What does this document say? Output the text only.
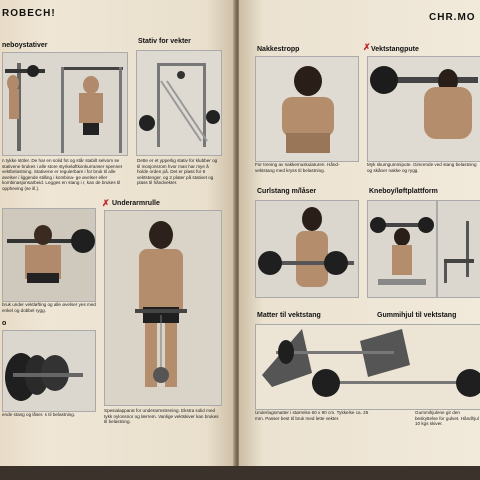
ROBECH!
neboystativer
n tykke stöler. De har en solid fot og står stabilt selvom se stativene brukes i alle store styrkeløftkonkurranser spennet vektbelastning. Stativene er regulerbare i for bruk til alle øvelser i liggende stilling i kombina- ge øvelser eller kombinasjonsarbeid. Legges en stang i r, kan de brukes til oppheving (se ill.).
Stativ for vekter
Dette er et ypperlig stativ for klubber og til mosjonsrom hvor man har mye å holde orden på. Det er plass for 8 vektstenger, og 2 plater på stativet og plass til håndvekter.
✗ Underarmrulle
bruk under vektløfting og alle øvelser yes med enkel og dobbel rygg.
Spesialapparat for underarmstrening. Ekstra solid med tykk nylonsnor og lærrem. Vanlige vektskiver kan brukes til belastning.
o
ende stang og låser. s til belastning.
CHR.MO
Nakkestropp
For trening av nakkemuskulaturen. Hånd- vektstang med kryss til belastning.
✗ Vektstangpute
Myk skumgummipute. Gimrende ved stang belastning og skåner nakke og rygg.
Curlstang m/låser	Kneboy/løftplattform
Matter til vektstang	Gummihjul til vektstang
Underlagsmatter i størrelse 60 x 90 cm. Tykkelse ca. 25 mm. Passer best til bruk med lette vekter.
Gummihjulene gir den beskyttelse for gulvet. Håndhjul 10 kgs skiver.
